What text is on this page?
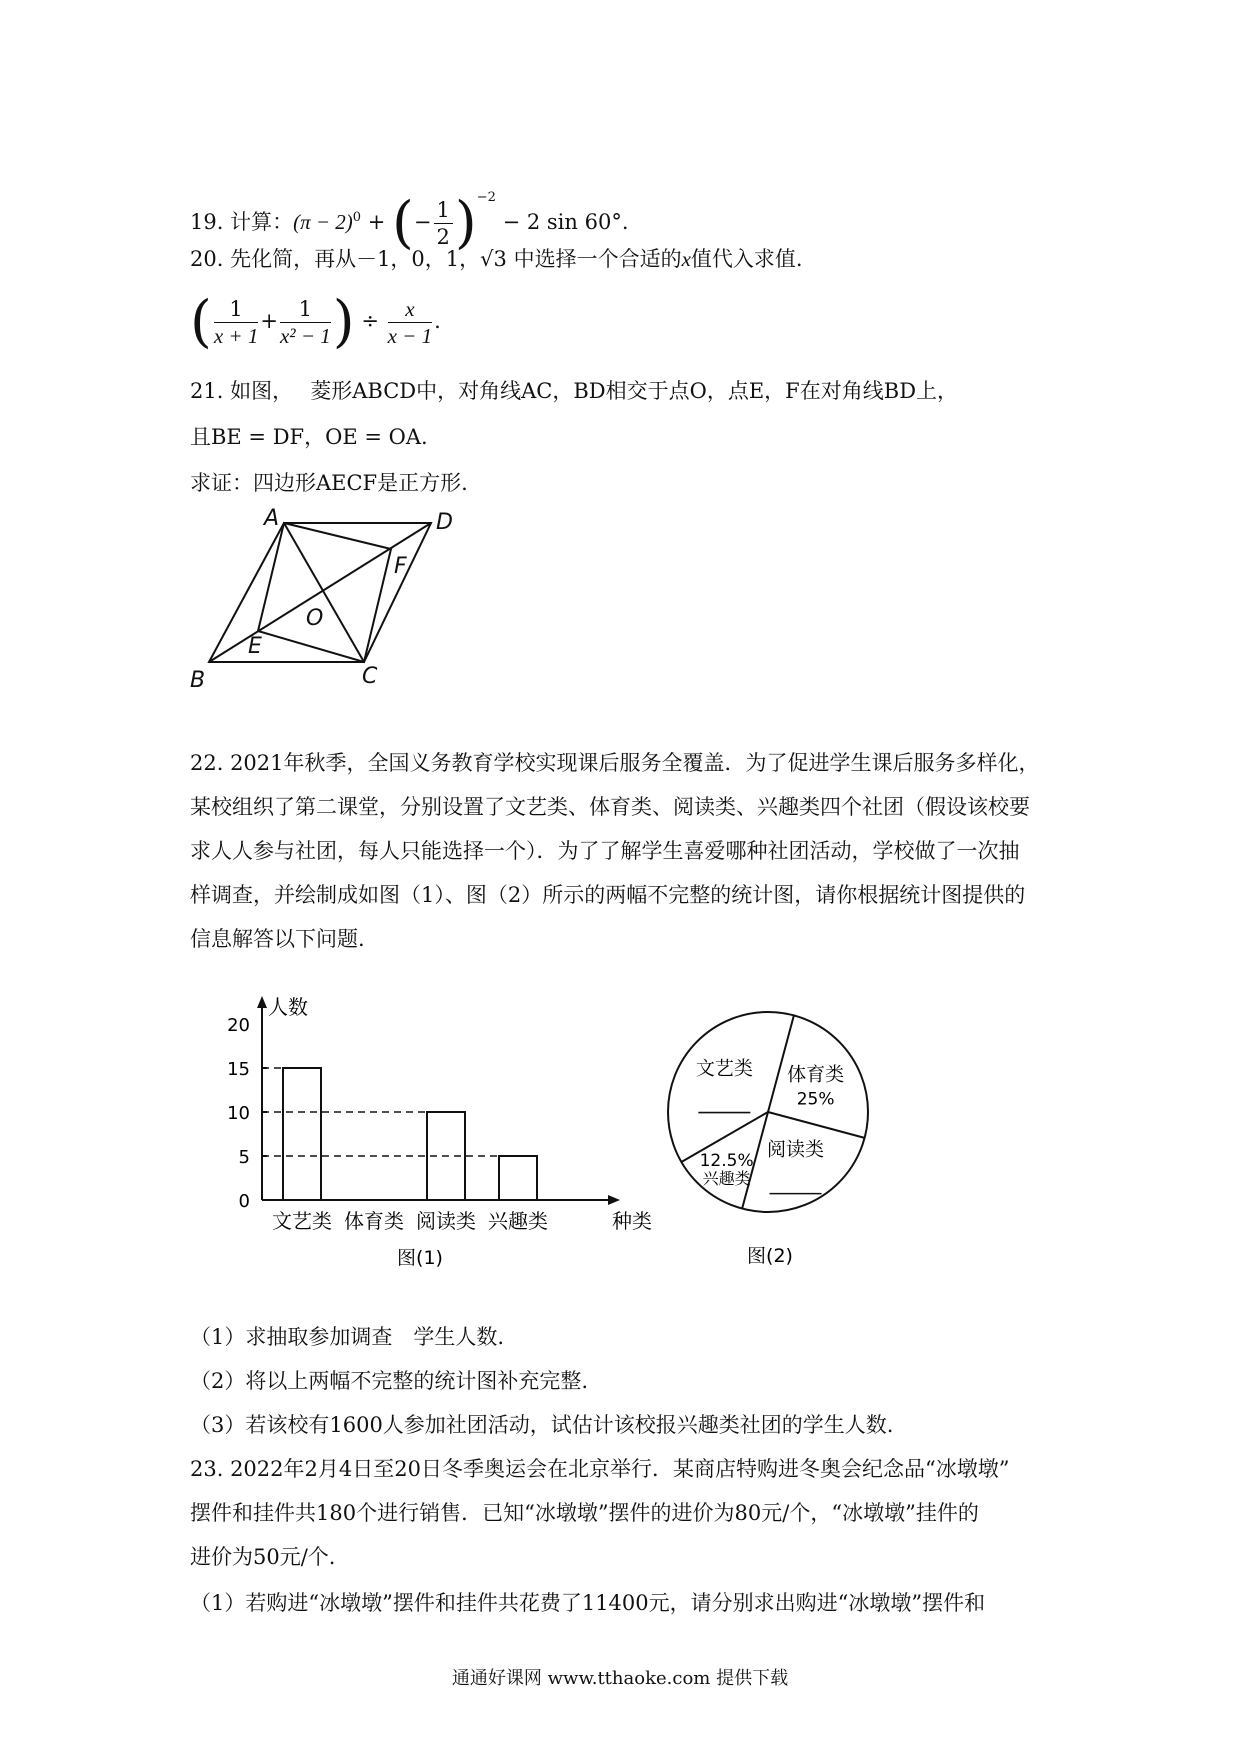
19. 计算：$(\pi - 2)^0$ + (− $\frac{1}{2} )^{-2} - 2$ sin 60°.
20. 先化简，再从－1，0，1，√3 中选择一个合适的x值代入求值.
( $\frac{1}{x + 1} + \frac{1}{\text{x² − 1}}$ ) ÷ $\frac{x}{x - 1}$ .
21. 如图，　 菱形ABCD中，对角线AC，BD相交于点O，点E，F在对角线BD上，
且BE = DF，OE = OA.
求证：四边形AECF是正方形.
A	D
F
O
E
B	C
22. 2021年秋季，全国义务教育学校实现课后服务全覆盖．为了促进学生课后服务多样化，
某校组织了第二课堂，分别设置了文艺类、体育类、阅读类、兴趣类四个社团（假设该校要
求人人参与社团，每人只能选择一个）．为了了解学生喜爱哪种社团活动，学校做了一次抽
样调查，并绘制成如图（1）、图（2）所示的两幅不完整的统计图，请你根据统计图提供的
信息解答以下问题.
人数
种类
图(1)
0
5
10
15
20
文艺类 体育类 阅读类 兴趣类
图(2)
体育类
25%
阅读类
兴趣类
12.5%
文艺类
（1）求抽取参加调查　学生人数.
（2）将以上两幅不完整的统计图补充完整.
（3）若该校有1600人参加社团活动，试估计该校报兴趣类社团的学生人数.
23. 2022年2月4日至20日冬季奥运会在北京举行．某商店特购进冬奥会纪念品“冰墩墩”
摆件和挂件共180个进行销售．已知“冰墩墩”摆件的进价为80元/个，“冰墩墩”挂件的
进价为50元/个.
（1）若购进“冰墩墩”摆件和挂件共花费了11400元，请分别求出购进“冰墩墩”摆件和
通通好课网 www.tthaoke.com 提供下载
